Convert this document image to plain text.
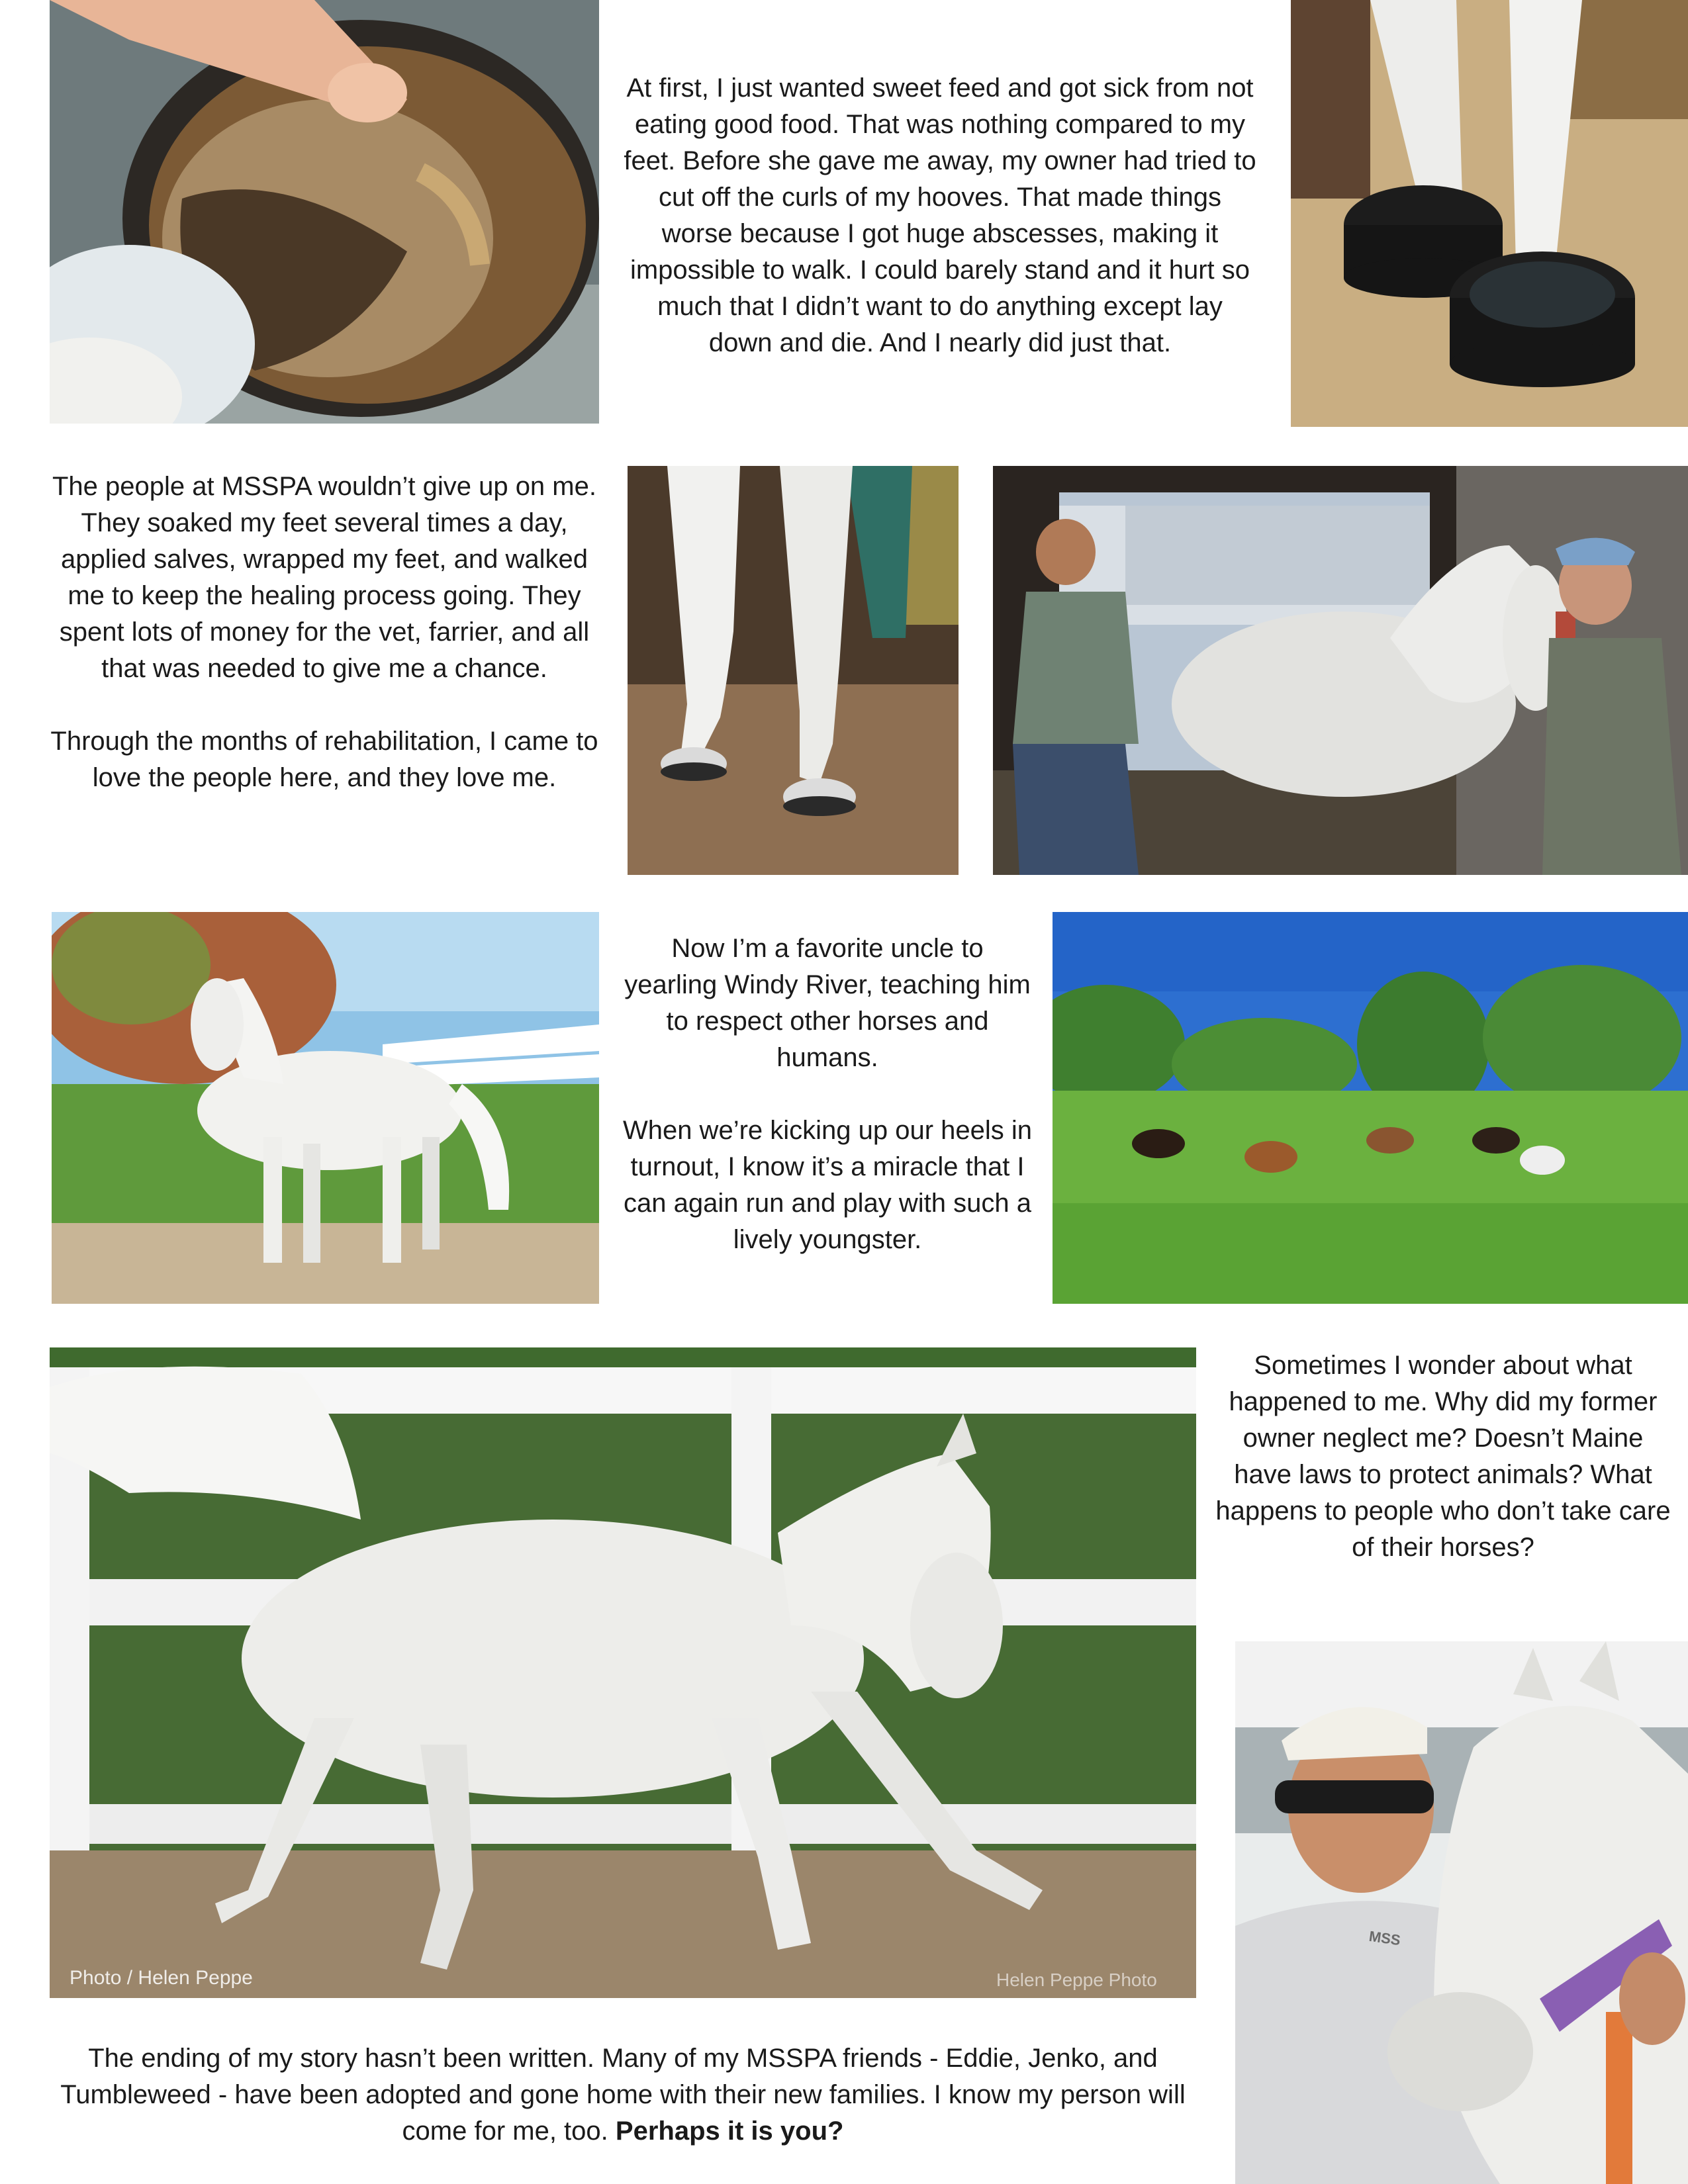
At first, I just wanted sweet feed and got sick from not eating good food. That was nothing compared to my feet. Before she gave me away, my owner had tried to cut off the curls of my hooves. That made things worse because I got huge abscesses, making it impossible to walk. I could barely stand and it hurt so much that I didn’t want to do anything except lay down and die. And I nearly did just that.

The people at MSSPA wouldn’t give up on me. They soaked my feet several times a day, applied salves, wrapped my feet, and walked me to keep the healing process going. They spent lots of money for the vet, farrier, and all that was needed to give me a chance.

Through the months of rehabilitation, I came to love the people here, and they love me.

Now I’m a favorite uncle to yearling Windy River, teaching him to respect other horses and humans.

When we’re kicking up our heels in turnout, I know it’s a miracle that I can again run and play with such a lively youngster.

Sometimes I wonder about what happened to me. Why did my former owner neglect me? Doesn’t Maine have laws to protect animals? What happens to people who don’t take care of their horses?

Photo / Helen Peppe	Helen Peppe Photo
MSS

The ending of my story hasn’t been written. Many of my MSSPA friends - Eddie, Jenko, and Tumbleweed - have been adopted and gone home with their new families. I know my person will come for me, too. Perhaps it is you?
